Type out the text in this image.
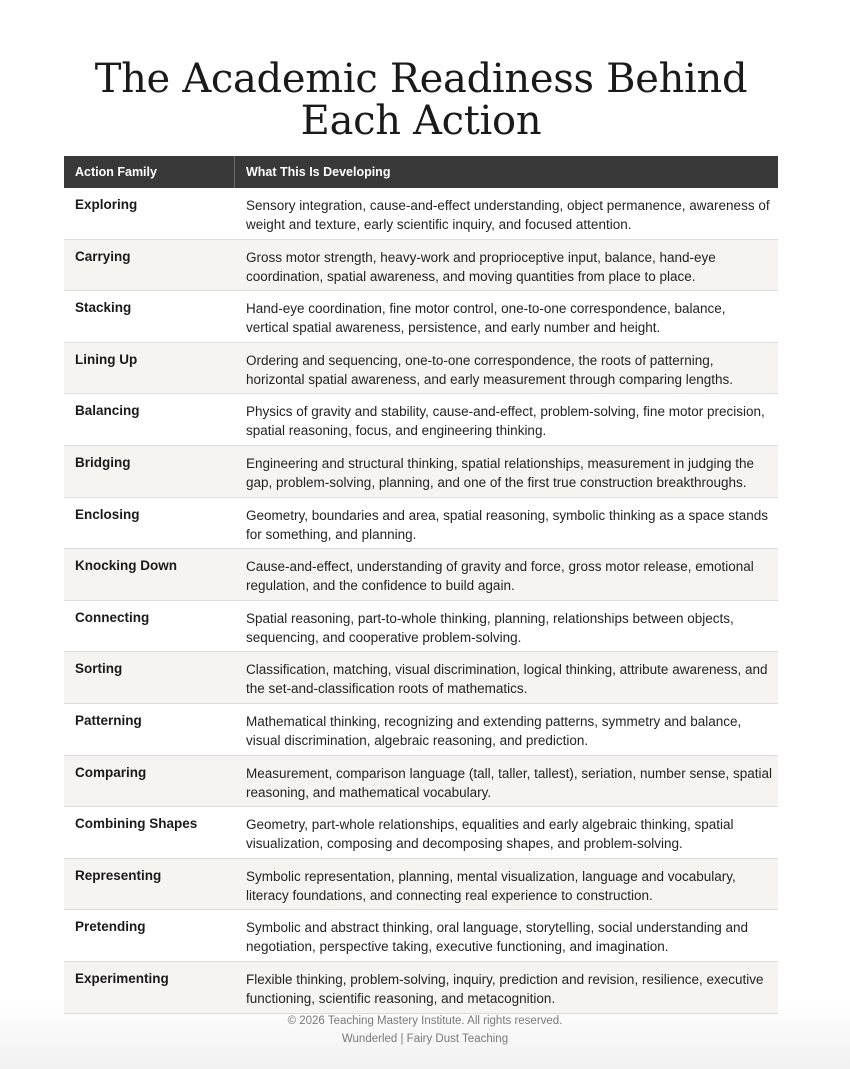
The Academic Readiness Behind Each Action
Action Family	What This Is Developing
Exploring	Sensory integration, cause-and-effect understanding, object permanence, awareness of weight and texture, early scientific inquiry, and focused attention.
Carrying	Gross motor strength, heavy-work and proprioceptive input, balance, hand-eye coordination, spatial awareness, and moving quantities from place to place.
Stacking	Hand-eye coordination, fine motor control, one-to-one correspondence, balance, vertical spatial awareness, persistence, and early number and height.
Lining Up	Ordering and sequencing, one-to-one correspondence, the roots of patterning, horizontal spatial awareness, and early measurement through comparing lengths.
Balancing	Physics of gravity and stability, cause-and-effect, problem-solving, fine motor precision, spatial reasoning, focus, and engineering thinking.
Bridging	Engineering and structural thinking, spatial relationships, measurement in judging the gap, problem-solving, planning, and one of the first true construction breakthroughs.
Enclosing	Geometry, boundaries and area, spatial reasoning, symbolic thinking as a space stands for something, and planning.
Knocking Down	Cause-and-effect, understanding of gravity and force, gross motor release, emotional regulation, and the confidence to build again.
Connecting	Spatial reasoning, part-to-whole thinking, planning, relationships between objects, sequencing, and cooperative problem-solving.
Sorting	Classification, matching, visual discrimination, logical thinking, attribute awareness, and the set-and-classification roots of mathematics.
Patterning	Mathematical thinking, recognizing and extending patterns, symmetry and balance, visual discrimination, algebraic reasoning, and prediction.
Comparing	Measurement, comparison language (tall, taller, tallest), seriation, number sense, spatial reasoning, and mathematical vocabulary.
Combining Shapes	Geometry, part-whole relationships, equalities and early algebraic thinking, spatial visualization, composing and decomposing shapes, and problem-solving.
Representing	Symbolic representation, planning, mental visualization, language and vocabulary, literacy foundations, and connecting real experience to construction.
Pretending	Symbolic and abstract thinking, oral language, storytelling, social understanding and negotiation, perspective taking, executive functioning, and imagination.
Experimenting	Flexible thinking, problem-solving, inquiry, prediction and revision, resilience, executive functioning, scientific reasoning, and metacognition.
© 2026 Teaching Mastery Institute. All rights reserved.
Wunderled | Fairy Dust Teaching
